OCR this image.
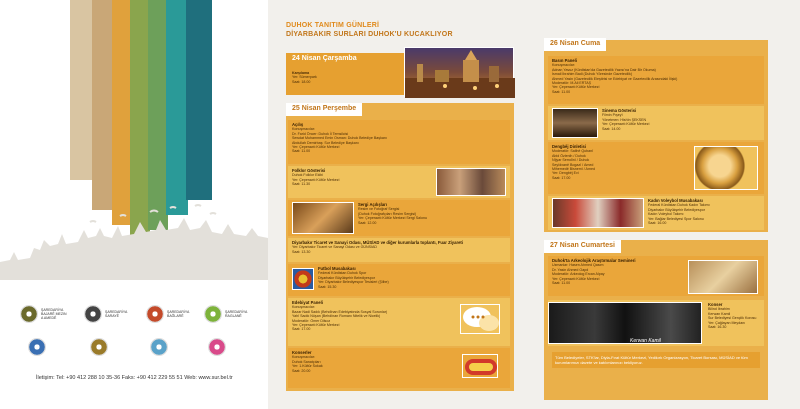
ŞAREDARİYA BAJARÊ MEZIN A AMEDÊ
ŞAREDARİYA SARAYÊ
ŞAREDARİYA BAĞLARÊ
ŞAREDARİYA RAGLANÊ
İletişim: Tel: +90 412 288 10 35-36 Faks: +90 412 229 55 51 Web: www.sur.bel.tr
DUHOK TANITIM GÜNLERİ
DİYARBAKIR SURLARI DUHOK'U KUCAKLIYOR
24 Nisan Çarşamba
Karşılama
Yer: Sümerpark
Saat: 18.00
25 Nisan Perşembe
Açılış
Konuşmacılar:
Dr. Farid Öncer: Duhok İl Temsilcisi
Sewdat Muhammed Emin Osman: Duhok Belediye Başkanı
Abdullah Demirbaş: Sur Belediye Başkanı
Yer: Çeperawlı Kültür Merkezi
Saat: 11.00
Folklor Gösterisi
Duhok Folklor Ekibi
Yer: Çeperawlı Kültür Merkezi
Saat: 11.30
Sergi Açılışları
Resim ve Fotoğraf Sergisi
(Duhok Fotoğrafçıları Resim Sergisi)
Yer: Çeperawlı Kültür Merkezi Sergi Salonu
Saat: 12.00
Diyarbakır Ticaret ve Sanayi Odası, MÜSİAD ve diğer kurumlarla toplantı, Fuar Ziyareti
Yer: Diyarbakır Ticaret ve Sanayi Odası ve GÜNSİAD
Saat: 13.30
Futbol Musabakası
Federal Kürdistan Duhok Spor
Diyarbakır Büyükşehir Belediyespor
Yer: Diyarbakır Belediyespor Tesisleri (Şilbe)
Saat: 15.30
Edebiyat Paneli
Konuşmacılar:
Bazar Nadi Sadık (Behdînan Edebiyatında Sosyal Sorunlar)
Yahî Sadık Nûşan (Behdînan Romanı Nitelik ve Nicelik)
Moderatör: Ömer Dilsoz
Yer: Çeperawlı Kültür Merkezi
Saat: 17.00
Konserler
Konuşmacılar:
Duhok Sanatçıları
Yer: 1.Kültür Sokak
Saat: 20.00
26 Nisan Cuma
Basın Paneli
Konuşmacılar:
Adnan Yavuz (Kürdistan'da Gazetecilik Yazısı'na Dair Bir Okuma)
İsmail İbrahim Badi (Duhok Yöresinde Gazetecilik)
Ahmed Yasin (Gazetecilik Eleştirisi ve Edebiyat ve Gazetecilik Arasındaki İlişki)
Moderatör: M.Ali ERTAŞ
Yer: Çeperawlı Kültür Merkezi
Saat: 11.00
Sinema Gösterisi
Filmin Pışeyî
Yönetmen: Hishîn ŞEKSEN
Yer: Çeperawlı Kültür Merkezi
Saat: 14.00
Dengbêj Dinletisi
Moderatör: Salihê Qubanî
Abid Özlenih / Duhok
Nîjyar Semdînî / Duhok
Seyîdxanê Bogazî / Amed
Mihemedê Bisnemî / Amed
Yer: Dengbêj Evi
Saat: 17.00
Kadın Voleybol Musabakası
Federal Kürdistan Duhok Kadın Takımı
Diyarbakır Büyükşehir Belediyespor
Kadın Voleybol Takımı
Yer: Bağlar Belediyesi Spor Salonu
Saat: 16.00
27 Nisan Cumartesi
Duhok'ta Arkeolojik Araştırmalar Semineri
Uzmanlar: Hasen Ahmed Qasım
Dr. Yasin Ahmed Oapd
Moderatör: Arkeolog Ercan Alpay
Yer: Çeperawlı Kültür Merkezi
Saat: 11.00
Konser
Bilind İbrahim
Kerwan Kamil
Sur Belediyesi Gençlik Korosu
Yer: Çağlayan Meydanı
Saat: 16.30
Kerwan Kamil
Tüm Belediyeler, STK'lar, Diyla-Fırat Kültür Merkezi, Yedikırk Organizasyon, Ticaret Borsası, MÜSİAD ve tüm kurumlarımızı davete ve katılımlarınızı bekliyoruz.
